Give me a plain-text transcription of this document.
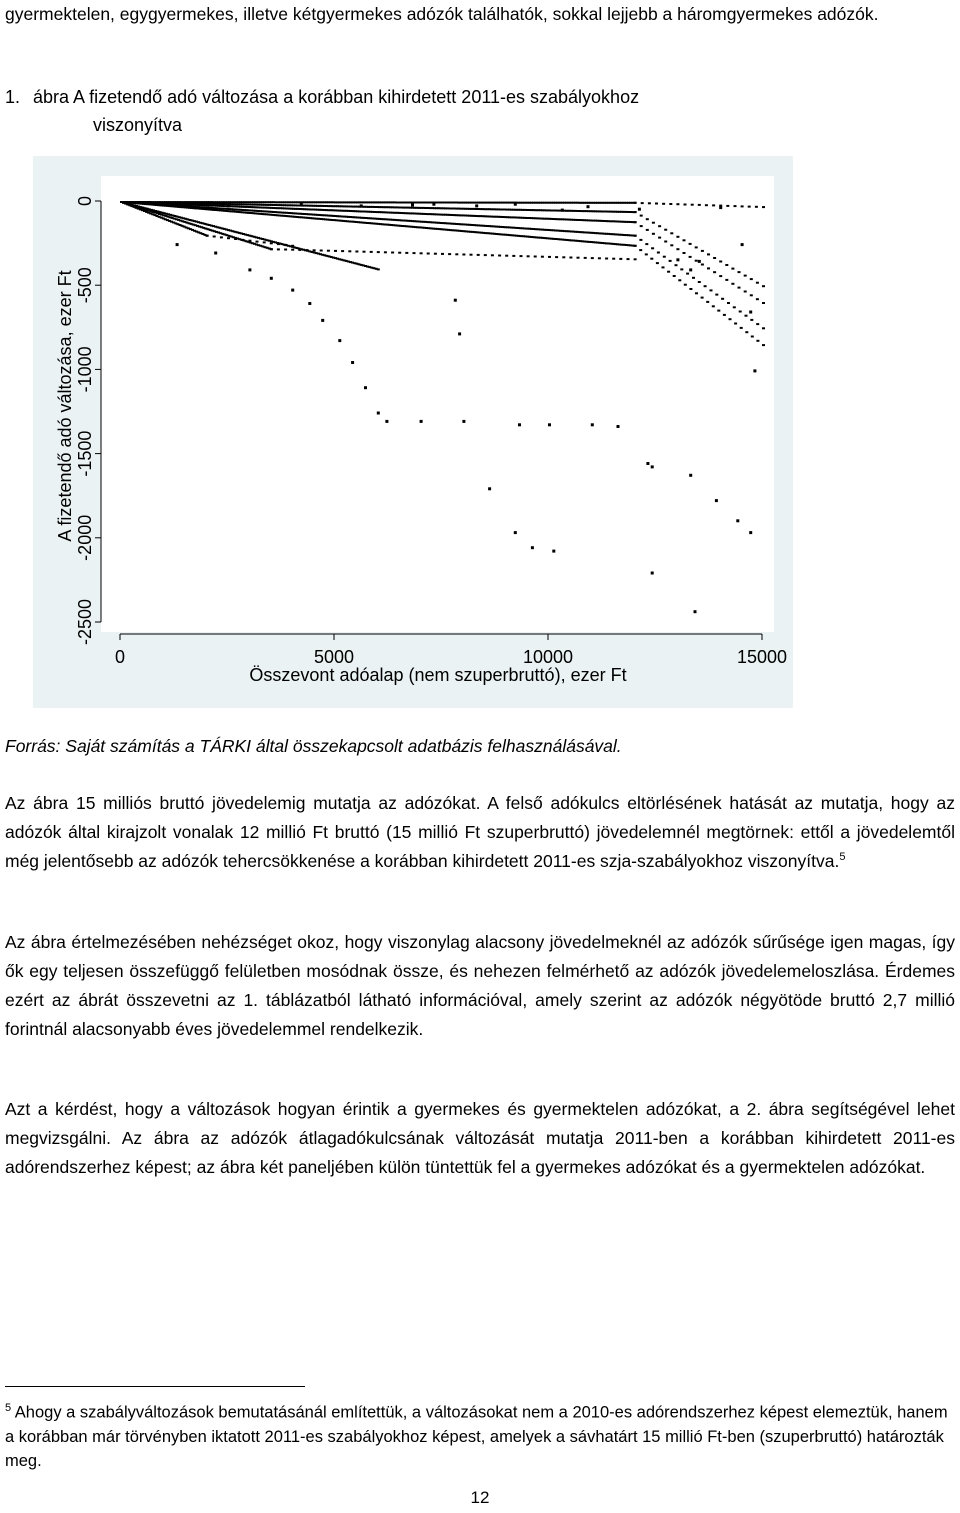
gyermektelen, egygyermekes, illetve kétgyermekes adózók találhatók, sokkal lejjebb a háromgyermekes adózók.

1. ábra A fizetendő adó változása a korábban kihirdetett 2011-es szabályokhoz
viszonyítva
0	5000	10000	15000
0
-500
-1000
-1500
-2000
-2500
Összevont adóalap (nem szuperbruttó), ezer Ft
A fizetendő adó változása, ezer Ft
Forrás: Saját számítás a TÁRKI által összekapcsolt adatbázis felhasználásával.

Az ábra 15 milliós bruttó jövedelemig mutatja az adózókat. A felső adókulcs eltörlésének hatását az mutatja, hogy az adózók által kirajzolt vonalak 12 millió Ft bruttó (15 millió Ft szuperbruttó) jövedelemnél megtörnek: ettől a jövedelemtől még jelentősebb az adózók tehercsökkenése a korábban kihirdetett 2011-es szja-szabályokhoz viszonyítva.$^5$

Az ábra értelmezésében nehézséget okoz, hogy viszonylag alacsony jövedelmeknél az adózók sűrűsége igen magas, így ők egy teljesen összefüggő felületben mosódnak össze, és nehezen felmérhető az adózók jövedelemeloszlása. Érdemes ezért az ábrát összevetni az 1. táblázatból látható információval, amely szerint az adózók négyötöde bruttó 2,7 millió forintnál alacsonyabb éves jövedelemmel rendelkezik.

Azt a kérdést, hogy a változások hogyan érintik a gyermekes és gyermektelen adózókat, a 2. ábra segítségével lehet megvizsgálni. Az ábra az adózók átlagadókulcsának változását mutatja 2011-ben a korábban kihirdetett 2011-es adórendszerhez képest; az ábra két paneljében külön tüntettük fel a gyermekes adózókat és a gyermektelen adózókat.

$^5$ Ahogy a szabályváltozások bemutatásánál említettük, a változásokat nem a 2010-es adórendszerhez képest elemeztük, hanem a korábban már törvényben iktatott 2011-es szabályokhoz képest, amelyek a sávhatárt 15 millió Ft-ben (szuperbruttó) határozták meg.

12
